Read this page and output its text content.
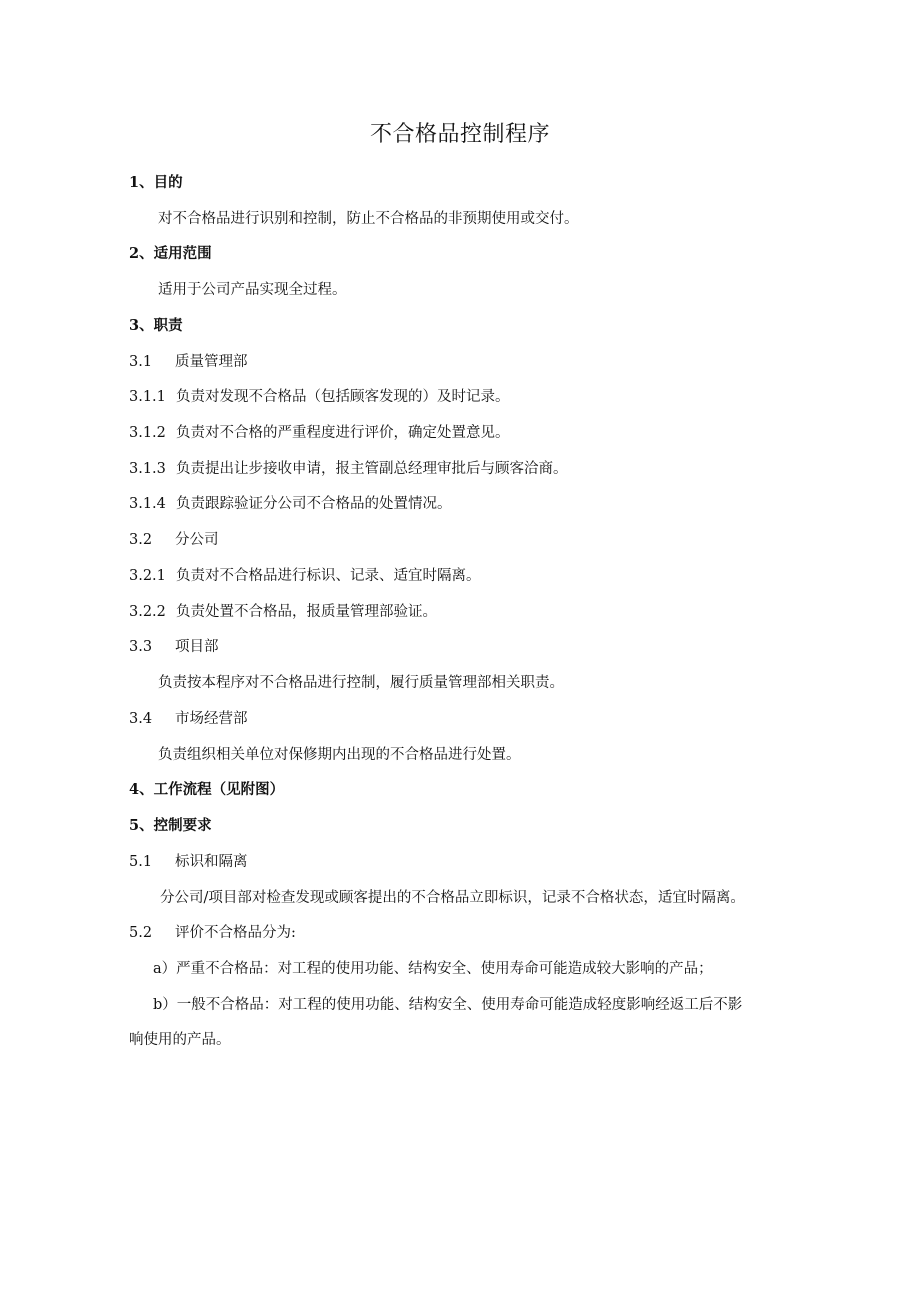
不合格品控制程序
1、目的
对不合格品进行识别和控制，防止不合格品的非预期使用或交付。
2、适用范围
适用于公司产品实现全过程。
3、职责
3.1 质量管理部
3.1.1 负责对发现不合格品（包括顾客发现的）及时记录。
3.1.2 负责对不合格的严重程度进行评价，确定处置意见。
3.1.3 负责提出让步接收申请，报主管副总经理审批后与顾客洽商。
3.1.4 负责跟踪验证分公司不合格品的处置情况。
3.2 分公司
3.2.1 负责对不合格品进行标识、记录、适宜时隔离。
3.2.2 负责处置不合格品，报质量管理部验证。
3.3 项目部
负责按本程序对不合格品进行控制，履行质量管理部相关职责。
3.4 市场经营部
负责组织相关单位对保修期内出现的不合格品进行处置。
4、工作流程（见附图）
5、控制要求
5.1 标识和隔离
分公司/项目部对检查发现或顾客提出的不合格品立即标识，记录不合格状态，适宜时隔离。
5.2 评价不合格品分为:
a）严重不合格品：对工程的使用功能、结构安全、使用寿命可能造成较大影响的产品；
b）一般不合格品：对工程的使用功能、结构安全、使用寿命可能造成轻度影响经返工后不影
响使用的产品。
